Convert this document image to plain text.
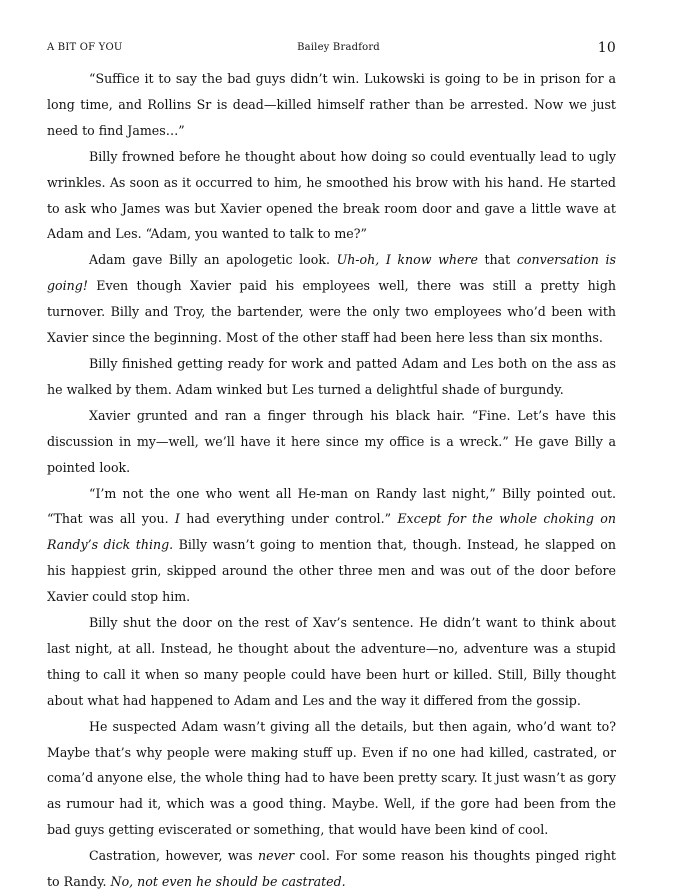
A BIT OF YOU	Bailey Bradford	10

“Suffice it to say the bad guys didn’t win. Lukowski is going to be in prison for a long time, and Rollins Sr is dead—killed himself rather than be arrested. Now we just need to find James…”

Billy frowned before he thought about how doing so could eventually lead to ugly wrinkles. As soon as it occurred to him, he smoothed his brow with his hand. He started to ask who James was but Xavier opened the break room door and gave a little wave at Adam and Les. “Adam, you wanted to talk to me?”

Adam gave Billy an apologetic look. Uh-oh, I know where that conversation is going! Even though Xavier paid his employees well, there was still a pretty high turnover. Billy and Troy, the bartender, were the only two employees who’d been with Xavier since the beginning. Most of the other staff had been here less than six months.

Billy finished getting ready for work and patted Adam and Les both on the ass as he walked by them. Adam winked but Les turned a delightful shade of burgundy.

Xavier grunted and ran a finger through his black hair. “Fine. Let’s have this discussion in my—well, we’ll have it here since my office is a wreck.” He gave Billy a pointed look.

“I’m not the one who went all He-man on Randy last night,” Billy pointed out. “That was all you. I had everything under control.” Except for the whole choking on Randy’s dick thing. Billy wasn’t going to mention that, though. Instead, he slapped on his happiest grin, skipped around the other three men and was out of the door before Xavier could stop him.

Billy shut the door on the rest of Xav’s sentence. He didn’t want to think about last night, at all. Instead, he thought about the adventure—no, adventure was a stupid thing to call it when so many people could have been hurt or killed. Still, Billy thought about what had happened to Adam and Les and the way it differed from the gossip.

He suspected Adam wasn’t giving all the details, but then again, who’d want to? Maybe that’s why people were making stuff up. Even if no one had killed, castrated, or coma’d anyone else, the whole thing had to have been pretty scary. It just wasn’t as gory as rumour had it, which was a good thing. Maybe. Well, if the gore had been from the bad guys getting eviscerated or something, that would have been kind of cool.

Castration, however, was never cool. For some reason his thoughts pinged right to Randy. No, not even he should be castrated.
